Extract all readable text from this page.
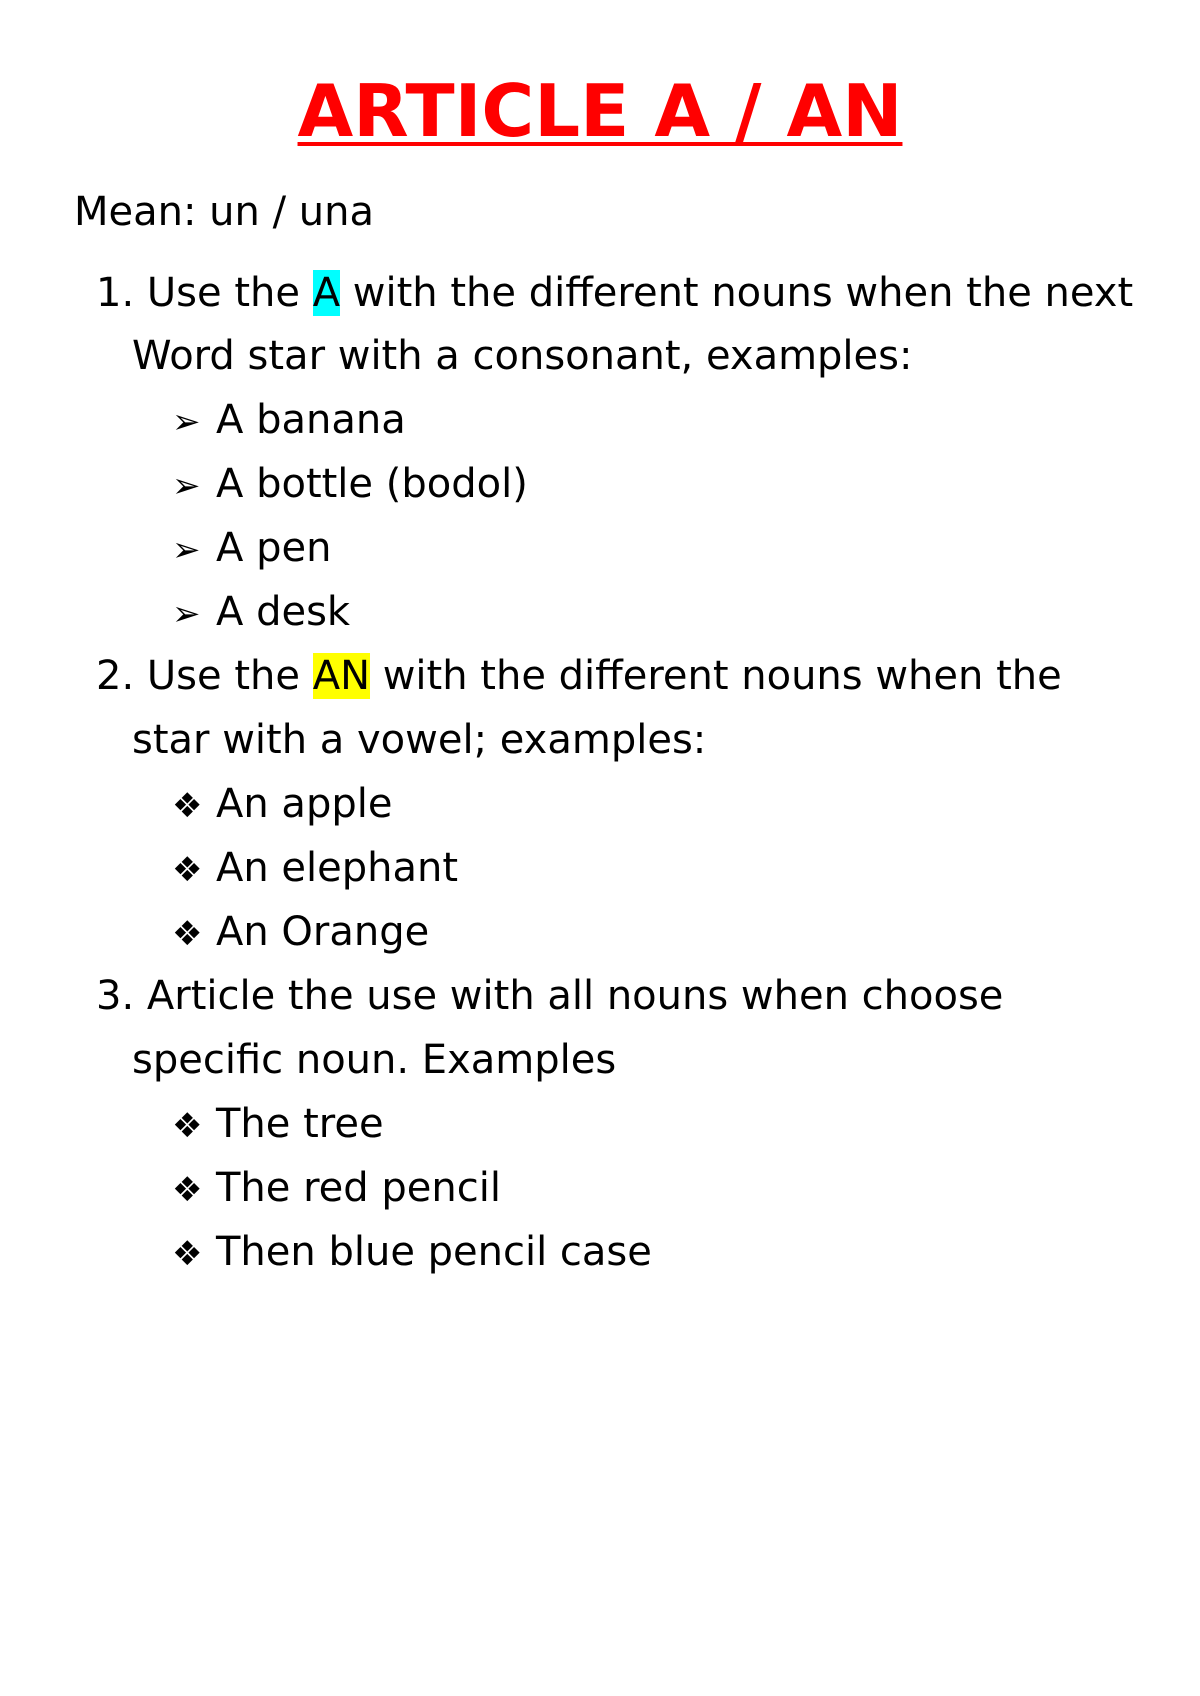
ARTICLE A / AN
Mean: un / una
1. Use the A with the different nouns when the next
Word star with a consonant, examples:
➢ A banana
➢ A bottle (bodol)
➢ A pen
➢ A desk
2. Use the AN with the different nouns when the
star with a vowel; examples:
❖ An apple
❖ An elephant
❖ An Orange
3. Article the use with all nouns when choose
specific noun. Examples
❖ The tree
❖ The red pencil
❖ Then blue pencil case
